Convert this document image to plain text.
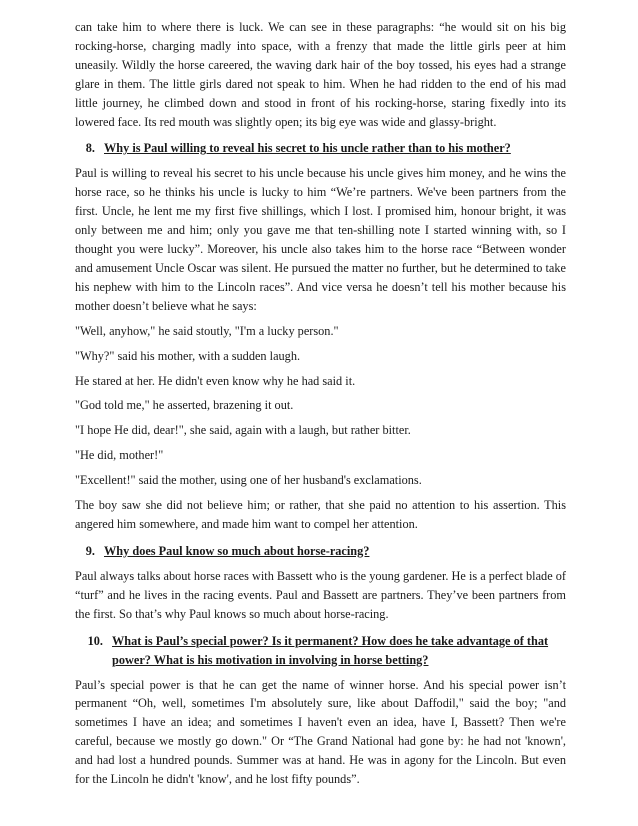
can take him to where there is luck. We can see in these paragraphs: “he would sit on his big rocking-horse, charging madly into space, with a frenzy that made the little girls peer at him uneasily. Wildly the horse careered, the waving dark hair of the boy tossed, his eyes had a strange glare in them. The little girls dared not speak to him. When he had ridden to the end of his mad little journey, he climbed down and stood in front of his rocking-horse, staring fixedly into its lowered face. Its red mouth was slightly open; its big eye was wide and glassy-bright.

8. Why is Paul willing to reveal his secret to his uncle rather than to his mother?

Paul is willing to reveal his secret to his uncle because his uncle gives him money, and he wins the horse race, so he thinks his uncle is lucky to him “We’re partners. We've been partners from the first. Uncle, he lent me my first five shillings, which I lost. I promised him, honour bright, it was only between me and him; only you gave me that ten-shilling note I started winning with, so I thought you were lucky”. Moreover, his uncle also takes him to the horse race “Between wonder and amusement Uncle Oscar was silent. He pursued the matter no further, but he determined to take his nephew with him to the Lincoln races”. And vice versa he doesn’t tell his mother because his mother doesn’t believe what he says:

"Well, anyhow," he said stoutly, "I'm a lucky person."

"Why?" said his mother, with a sudden laugh.

He stared at her. He didn't even know why he had said it.

"God told me," he asserted, brazening it out.

"I hope He did, dear!", she said, again with a laugh, but rather bitter.

"He did, mother!"

"Excellent!" said the mother, using one of her husband's exclamations.

The boy saw she did not believe him; or rather, that she paid no attention to his assertion. This angered him somewhere, and made him want to compel her attention.

9. Why does Paul know so much about horse-racing?

Paul always talks about horse races with Bassett who is the young gardener. He is a perfect blade of “turf” and he lives in the racing events. Paul and Bassett are partners. They’ve been partners from the first. So that’s why Paul knows so much about horse-racing.

10. What is Paul’s special power? Is it permanent? How does he take advantage of that power? What is his motivation in involving in horse betting?

Paul’s special power is that he can get the name of winner horse. And his special power isn’t permanent “Oh, well, sometimes I'm absolutely sure, like about Daffodil," said the boy; "and sometimes I have an idea; and sometimes I haven't even an idea, have I, Bassett? Then we're careful, because we mostly go down." Or “The Grand National had gone by: he had not 'known', and had lost a hundred pounds. Summer was at hand. He was in agony for the Lincoln. But even for the Lincoln he didn't 'know', and he lost fifty pounds”.
